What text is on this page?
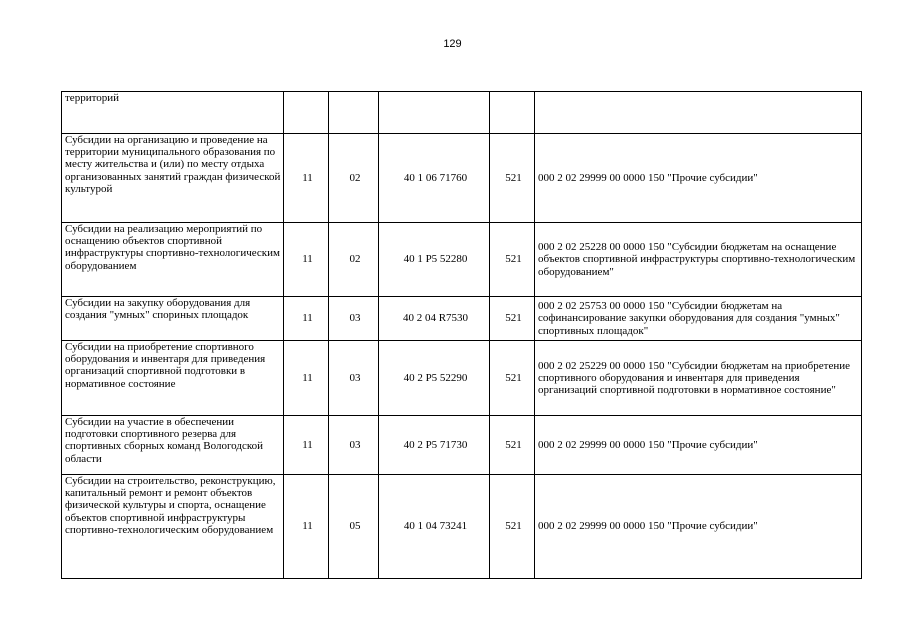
129
территорий					

Субсидии на организацию и проведение на территории муниципального образования по месту жительства и (или) по месту отдыха организованных занятий граждан физической культурой	11	02	40 1 06 71760	521	000 2 02 29999 00 0000 150 "Прочие субсидии"

Субсидии на реализацию мероприятий по оснащению объектов спортивной инфраструктуры спортивно-технологическим оборудованием	11	02	40 1 P5 52280	521	000 2 02 25228 00 0000 150 "Субсидии бюджетам на оснащение объектов спортивной инфраструктуры спортивно-технологическим оборудованием"

Субсидии на закупку оборудования для создания "умных" спориных площадок	11	03	40 2 04 R7530	521	000 2 02 25753 00 0000 150 "Субсидии бюджетам на софинансирование закупки оборудования для создания "умных" спортивных площадок"

Субсидии на приобретение спортивного оборудования и инвентаря для приведения организаций спортивной подготовки в нормативное состояние	11	03	40 2 P5 52290	521	000 2 02 25229 00 0000 150 "Субсидии бюджетам на приобретение спортивного оборудования и инвентаря для приведения организаций спортивной подготовки в нормативное состояние"

Субсидии на участие в обеспечении подготовки спортивного резерва для спортивных сборных команд Вологодской области	11	03	40 2 P5 71730	521	000 2 02 29999 00 0000 150 "Прочие субсидии"

Субсидии на строительство, реконструкцию, капитальный ремонт и ремонт объектов физической культуры и спорта, оснащение объектов спортивной инфраструктуры спортивно-технологическим оборудованием	11	05	40 1 04 73241	521	000 2 02 29999 00 0000 150 "Прочие субсидии"
